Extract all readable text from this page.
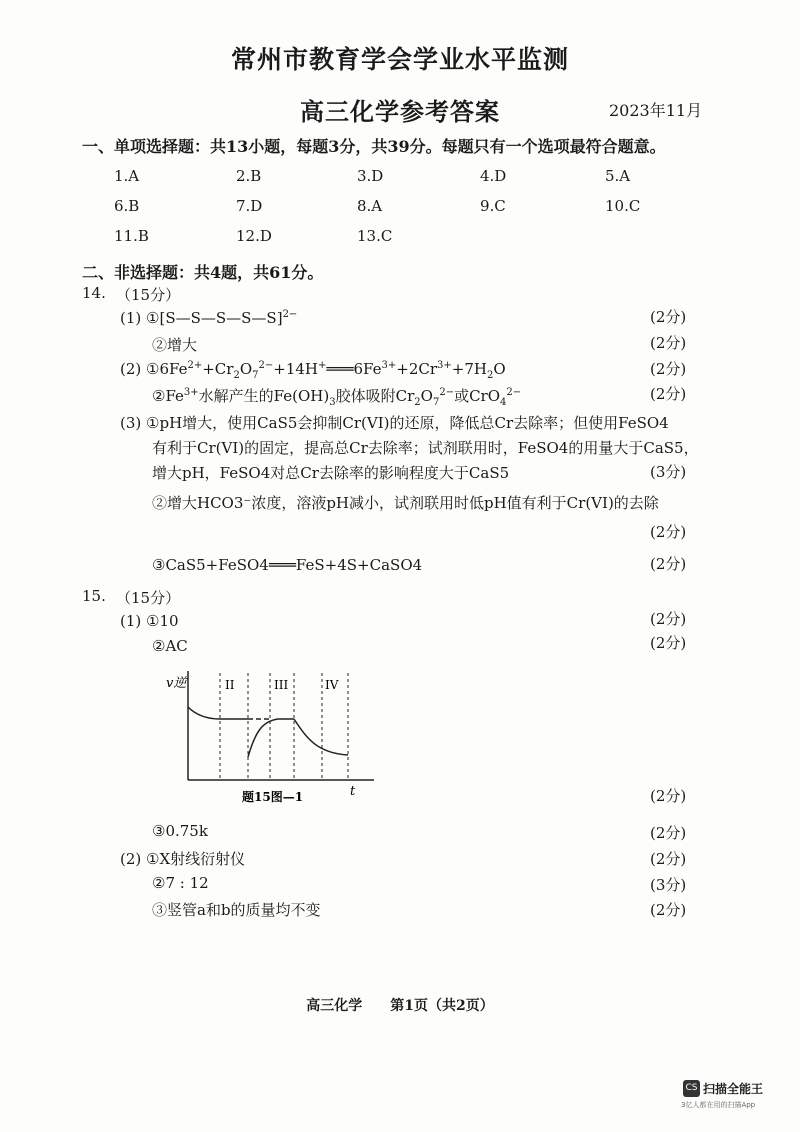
常州市教育学会学业水平监测
高三化学参考答案	2023年11月
一、单项选择题：共13小题，每题3分，共39分。每题只有一个选项最符合题意。
1.A	2.B	3.D	4.D	5.A
6.B	7.D	8.A	9.C	10.C
11.B	12.D	13.C
二、非选择题：共4题，共61分。
14. （15分）
(1) ①[S—S—S—S—S]$^{2-}$	(2分)
②增大	(2分)
(2) $①6Fe^{2+}+Cr_2O_7^{2-}+14H^+═══6Fe^{3+}+2Cr^{3+}+7H_2O$	(2分)
$②Fe^{3+}$水解产生的$Fe(OH)_3$胶体吸附$Cr_2O_7^{2-}$或CrO$_4^{2-}$	(2分)
(3) ①pH增大，使用CaS5会抑制Cr(VI)的还原，降低总Cr去除率；但使用FeSO4
有利于Cr(VI)的固定，提高总Cr去除率；试剂联用时，FeSO4的用量大于CaS5，
增大pH，FeSO4对总Cr去除率的影响程度大于CaS5	(3分)
②增大HCO3⁻浓度，溶液pH减小，试剂联用时低pH值有利于Cr(VI)的去除
(2分)
③CaS5+FeSO4═══FeS+4S+CaSO4	(2分)
15. （15分）
(1) ①10	(2分)
②AC	(2分)
v逆	II	III	IV
t
题15图—1	(2分)
③0.75k	(2分)
(2) ①X射线衍射仪	(2分)
②7 : 12	(3分)
③竖管a和b的质量均不变	(2分)
高三化学　　第1页（共2页）
CS 扫描全能王
3亿人都在用的扫描App
